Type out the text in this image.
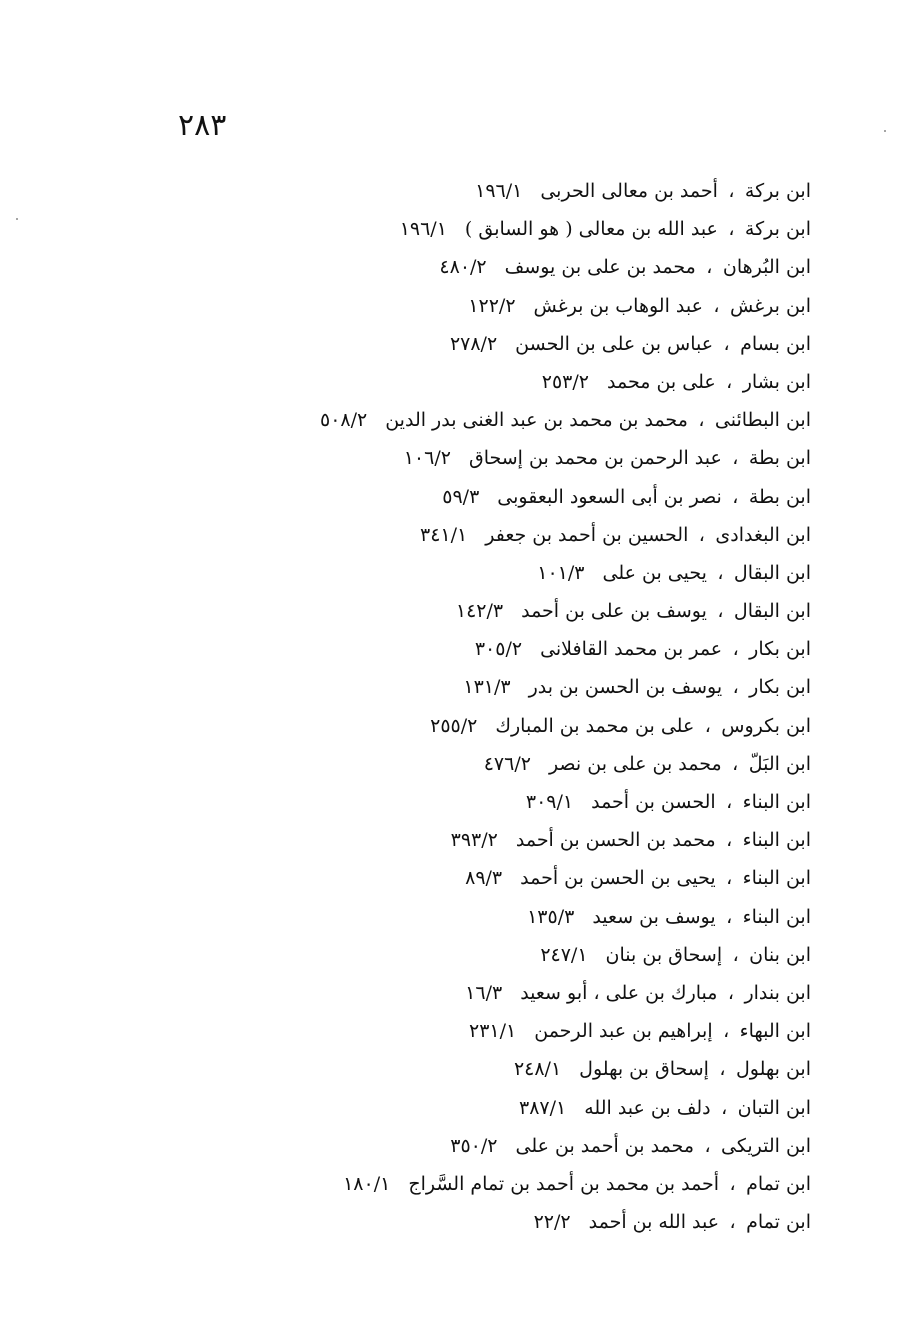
٢٨٣
ابن بركة،أحمد بن معالى الحربى١٩٦/١
ابن بركة،عبد الله بن معالى ( هو السابق )١٩٦/١
ابن البُرهان،محمد بن على بن يوسف٤٨٠/٢
ابن برغش،عبد الوهاب بن برغش١٢٢/٢
ابن بسام،عباس بن على بن الحسن٢٧٨/٢
ابن بشار،على بن محمد٢٥٣/٢
ابن البطائنى،محمد بن محمد بن عبد الغنى بدر الدين٥٠٨/٢
ابن بطة،عبد الرحمن بن محمد بن إسحاق١٠٦/٢
ابن بطة،نصر بن أبى السعود البعقوبى٥٩/٣
ابن البغدادى،الحسين بن أحمد بن جعفر٣٤١/١
ابن البقال،يحيى بن على١٠١/٣
ابن البقال،يوسف بن على بن أحمد١٤٢/٣
ابن بكار،عمر بن محمد القافلانى٣٠٥/٢
ابن بكار،يوسف بن الحسن بن بدر١٣١/٣
ابن بكروس،على بن محمد بن المبارك٢٥٥/٢
ابن البَلّ،محمد بن على بن نصر٤٧٦/٢
ابن البناء،الحسن بن أحمد٣٠٩/١
ابن البناء،محمد بن الحسن بن أحمد٣٩٣/٢
ابن البناء،يحيى بن الحسن بن أحمد٨٩/٣
ابن البناء،يوسف بن سعيد١٣٥/٣
ابن بنان،إسحاق بن بنان٢٤٧/١
ابن بندار،مبارك بن على ، أبو سعيد١٦/٣
ابن البهاء،إبراهيم بن عبد الرحمن٢٣١/١
ابن بهلول،إسحاق بن بهلول٢٤٨/١
ابن التبان،دلف بن عبد الله٣٨٧/١
ابن التريكى،محمد بن أحمد بن على٣٥٠/٢
ابن تمام،أحمد بن محمد بن أحمد بن تمام السَّراج١٨٠/١
ابن تمام،عبد الله بن أحمد٢٢/٢
